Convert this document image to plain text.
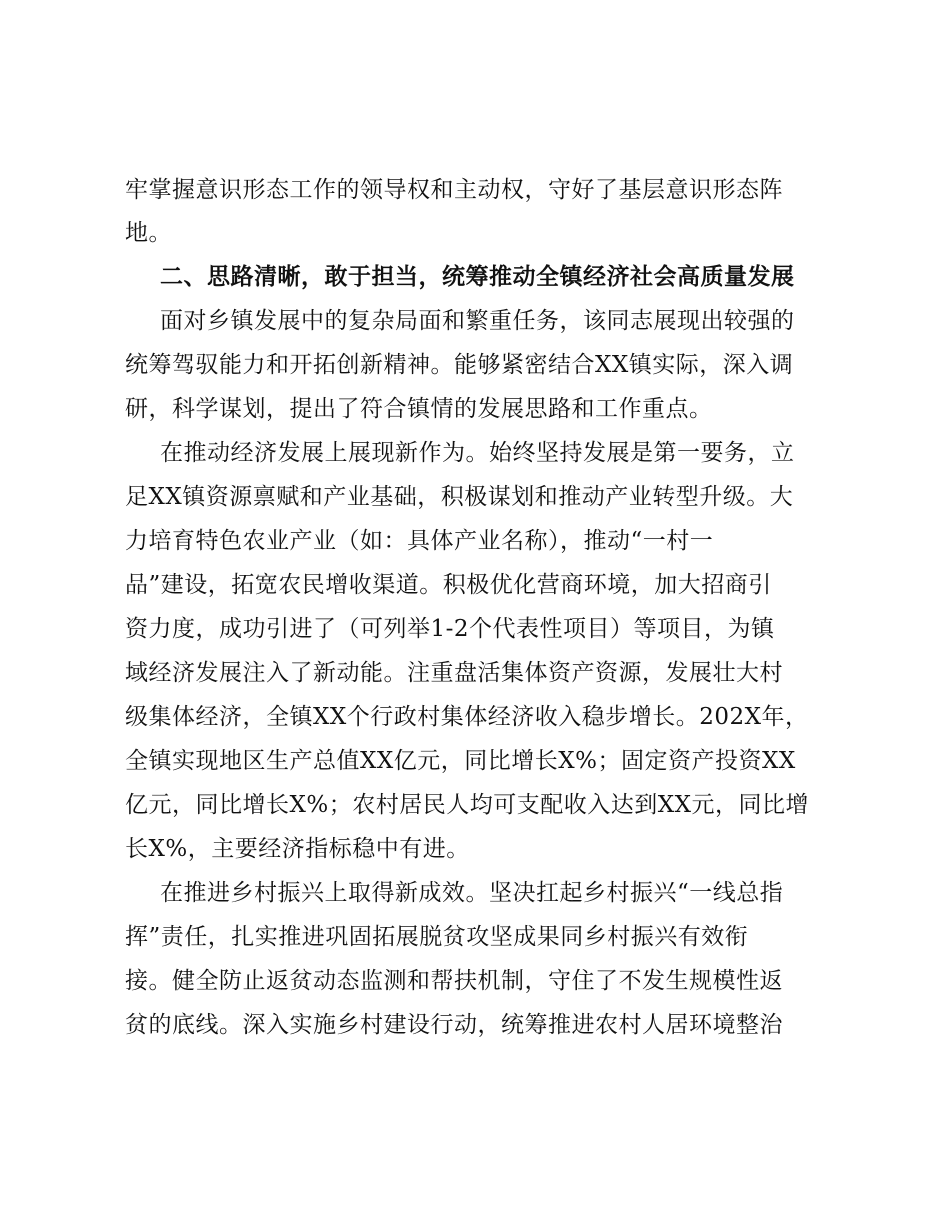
牢掌握意识形态工作的领导权和主动权，守好了基层意识形态阵
地。
二、思路清晰，敢于担当，统筹推动全镇经济社会高质量发展
面对乡镇发展中的复杂局面和繁重任务，该同志展现出较强的
统筹驾驭能力和开拓创新精神。能够紧密结合XX镇实际，深入调
研，科学谋划，提出了符合镇情的发展思路和工作重点。
在推动经济发展上展现新作为。始终坚持发展是第一要务，立
足XX镇资源禀赋和产业基础，积极谋划和推动产业转型升级。大
力培育特色农业产业（如：具体产业名称），推动“一村一
品”建设，拓宽农民增收渠道。积极优化营商环境，加大招商引
资力度，成功引进了（可列举1-2个代表性项目）等项目，为镇
域经济发展注入了新动能。注重盘活集体资产资源，发展壮大村
级集体经济，全镇XX个行政村集体经济收入稳步增长。202X年，
全镇实现地区生产总值XX亿元，同比增长X%；固定资产投资XX
亿元，同比增长X%；农村居民人均可支配收入达到XX元，同比增
长X%，主要经济指标稳中有进。
在推进乡村振兴上取得新成效。坚决扛起乡村振兴“一线总指
挥”责任，扎实推进巩固拓展脱贫攻坚成果同乡村振兴有效衔
接。健全防止返贫动态监测和帮扶机制，守住了不发生规模性返
贫的底线。深入实施乡村建设行动，统筹推进农村人居环境整治
